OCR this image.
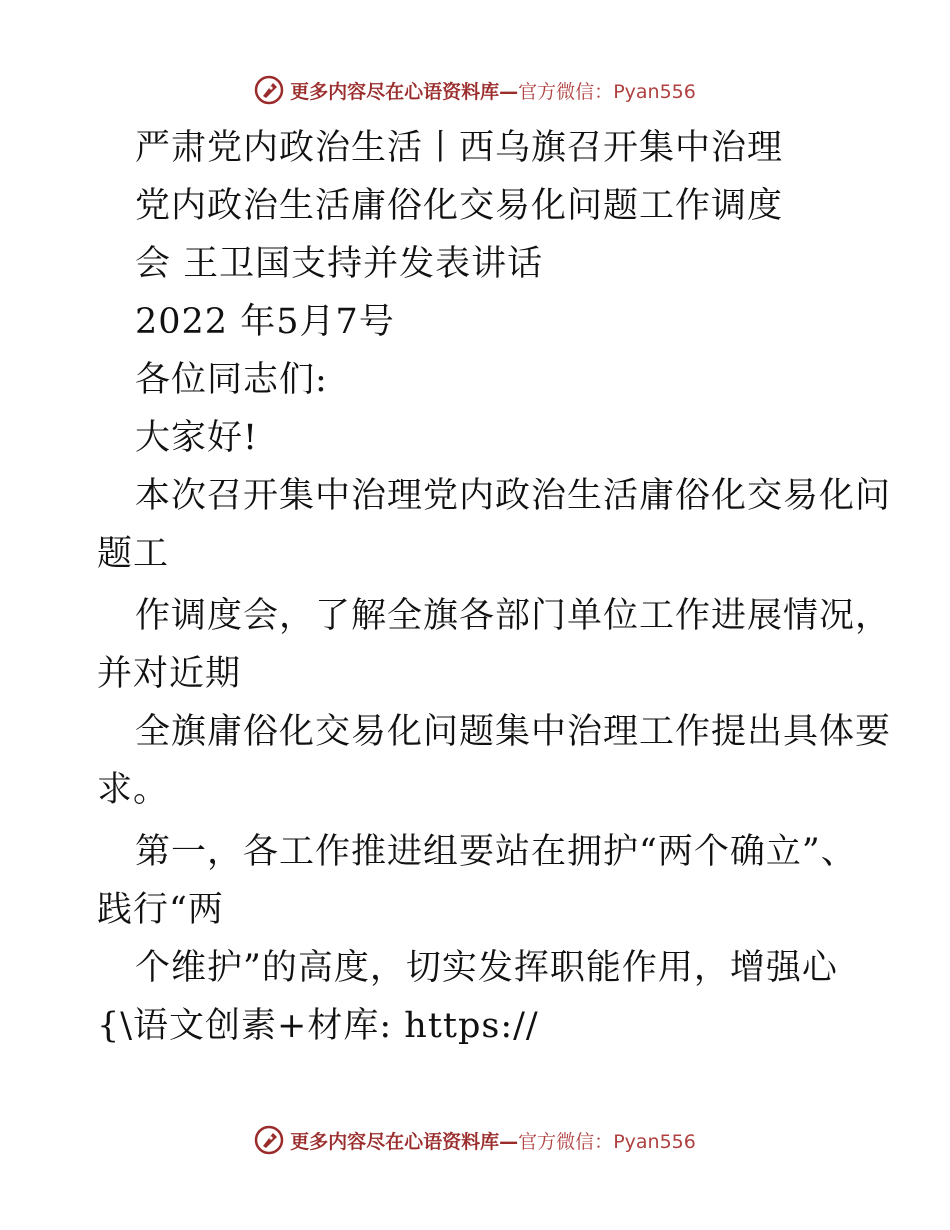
更多内容尽在心语资料库—官方微信：Pyan556
严肃党内政治生活丨西乌旗召开集中治理
党内政治生活庸俗化交易化问题工作调度
会 王卫国支持并发表讲话
2022 年5月7号
各位同志们:
大家好!
本次召开集中治理党内政治生活庸俗化交易化问
题工
作调度会，了解全旗各部门单位工作进展情况，
并对近期
全旗庸俗化交易化问题集中治理工作提出具体要
求。
第一，各工作推进组要站在拥护“两个确立”、
践行“两
个维护”的高度，切实发挥职能作用，增强心
{\语文创素+材库: https://
更多内容尽在心语资料库—官方微信：Pyan556
